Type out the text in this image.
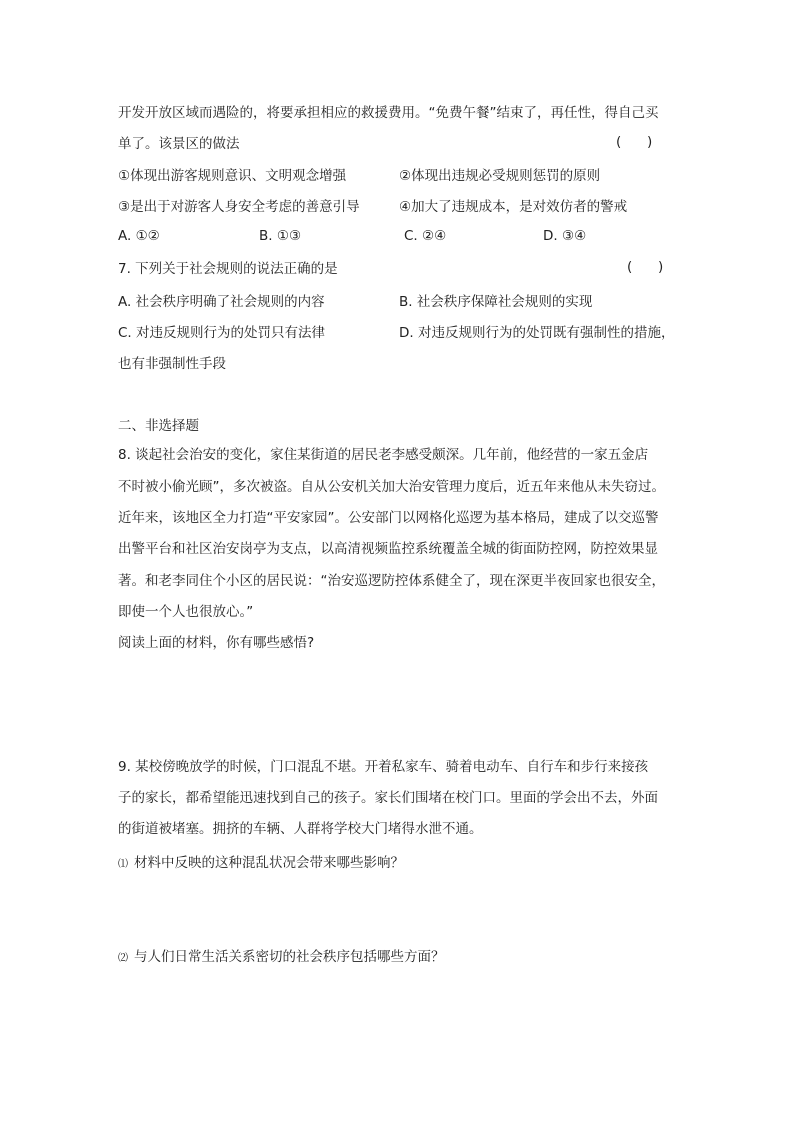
开发开放区域而遇险的，将要承担相应的救援费用。“免费午餐”结束了，再任性，得自己买
单了。该景区的做法	(      )
①体现出游客规则意识、文明观念增强	②体现出违规必受规则惩罚的原则
③是出于对游客人身安全考虑的善意引导	④加大了违规成本，是对效仿者的警戒
A. ①②	B. ①③	C. ②④	D. ③④
7. 下列关于社会规则的说法正确的是	(      )
A. 社会秩序明确了社会规则的内容	B. 社会秩序保障社会规则的实现
C. 对违反规则行为的处罚只有法律	D. 对违反规则行为的处罚既有强制性的措施，
也有非强制性手段
二、非选择题
8. 谈起社会治安的变化，家住某街道的居民老李感受颇深。几年前，他经营的一家五金店
不时被小偷光顾”，多次被盗。自从公安机关加大治安管理力度后，近五年来他从未失窃过。
近年来，该地区全力打造“平安家园”。公安部门以网格化巡逻为基本格局，建成了以交巡警
出警平台和社区治安岗亭为支点，以高清视频监控系统覆盖全城的街面防控网，防控效果显
著。和老李同住个小区的居民说：“治安巡逻防控体系健全了，现在深更半夜回家也很安全，
即使一个人也很放心。”
阅读上面的材料，你有哪些感悟?
9. 某校傍晚放学的时候，门口混乱不堪。开着私家车、骑着电动车、自行车和步行来接孩
子的家长，都希望能迅速找到自己的孩子。家长们围堵在校门口。里面的学会出不去，外面
的街道被堵塞。拥挤的车辆、人群将学校大门堵得水泄不通。
⑴ 材料中反映的这种混乱状况会带来哪些影响？
⑵ 与人们日常生活关系密切的社会秩序包括哪些方面？
